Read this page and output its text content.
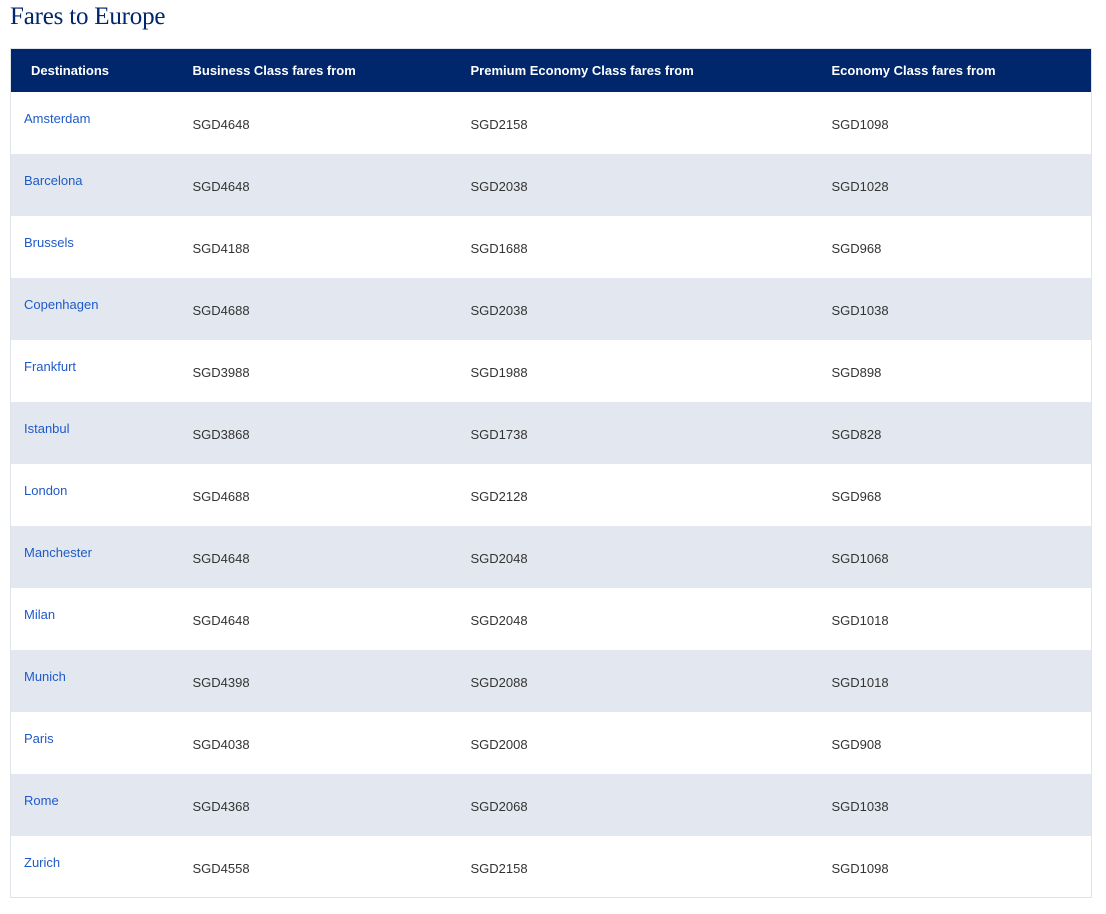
Fares to Europe
Destinations	Business Class fares from	Premium Economy Class fares from	Economy Class fares from
Amsterdam	SGD4648	SGD2158	SGD1098
Barcelona	SGD4648	SGD2038	SGD1028
Brussels	SGD4188	SGD1688	SGD968
Copenhagen	SGD4688	SGD2038	SGD1038
Frankfurt	SGD3988	SGD1988	SGD898
Istanbul	SGD3868	SGD1738	SGD828
London	SGD4688	SGD2128	SGD968
Manchester	SGD4648	SGD2048	SGD1068
Milan	SGD4648	SGD2048	SGD1018
Munich	SGD4398	SGD2088	SGD1018
Paris	SGD4038	SGD2008	SGD908
Rome	SGD4368	SGD2068	SGD1038
Zurich	SGD4558	SGD2158	SGD1098
